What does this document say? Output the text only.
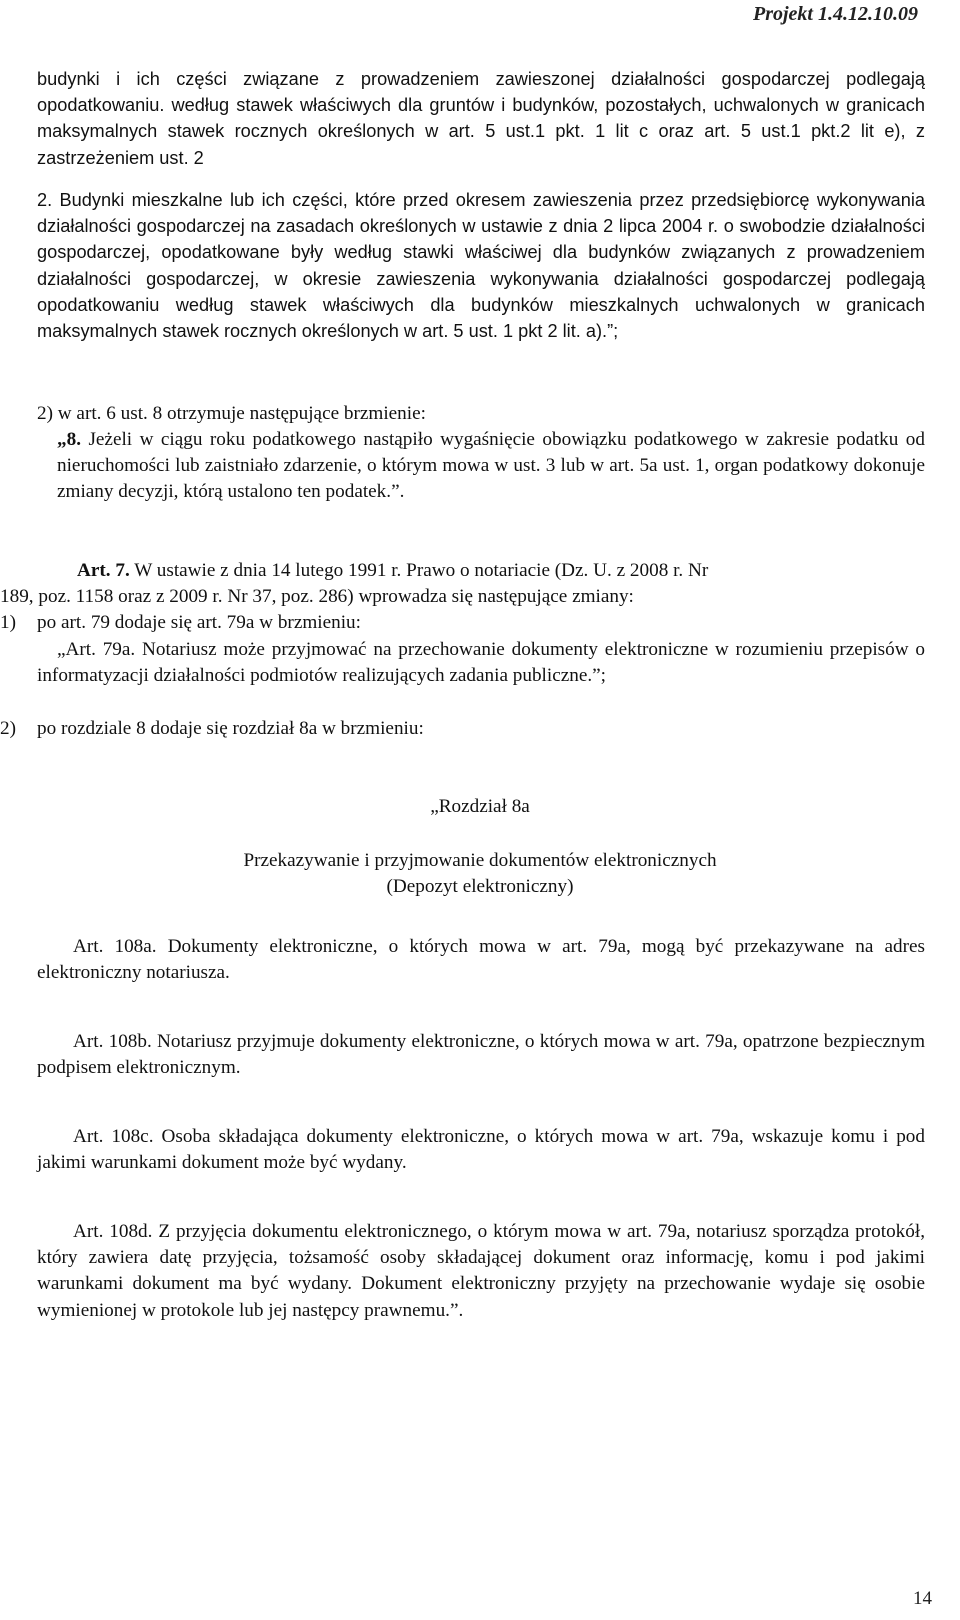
Projekt 1.4.12.10.09

budynki i ich części związane z prowadzeniem zawieszonej działalności gospodarczej podlegają opodatkowaniu. według stawek właściwych dla gruntów i budynków, pozostałych, uchwalonych w granicach maksymalnych stawek rocznych określonych w art. 5 ust.1 pkt. 1 lit c oraz art. 5 ust.1 pkt.2 lit e), z zastrzeżeniem ust. 2

2. Budynki mieszkalne lub ich części, które przed okresem zawieszenia przez przedsiębiorcę wykonywania działalności gospodarczej na zasadach określonych w ustawie z dnia 2 lipca 2004 r. o swobodzie działalności gospodarczej, opodatkowane były według stawki właściwej dla budynków związanych z prowadzeniem działalności gospodarczej, w okresie zawieszenia wykonywania działalności gospodarczej podlegają opodatkowaniu według stawek właściwych dla budynków mieszkalnych uchwalonych w granicach maksymalnych stawek rocznych określonych w art. 5 ust. 1 pkt 2 lit. a).”;

2) w art. 6 ust. 8 otrzymuje następujące brzmienie:

„8. Jeżeli w ciągu roku podatkowego nastąpiło wygaśnięcie obowiązku podatkowego w zakresie podatku od nieruchomości lub zaistniało zdarzenie, o którym mowa w ust. 3 lub w art. 5a ust. 1, organ podatkowy dokonuje zmiany decyzji, którą ustalono ten podatek.”.

Art. 7. W ustawie z dnia 14 lutego 1991 r. Prawo o notariacie (Dz. U. z 2008 r. Nr

189, poz. 1158 oraz z 2009 r. Nr 37, poz. 286) wprowadza się następujące zmiany:

1) po art. 79 dodaje się art. 79a w brzmieniu:

„Art. 79a. Notariusz może przyjmować na przechowanie dokumenty elektroniczne w rozumieniu przepisów o informatyzacji działalności podmiotów realizujących zadania publiczne.”;

2) po rozdziale 8 dodaje się rozdział 8a w brzmieniu:

„Rozdział 8a

Przekazywanie i przyjmowanie dokumentów elektronicznych

(Depozyt elektroniczny)

Art. 108a. Dokumenty elektroniczne, o których mowa w art. 79a, mogą być przekazywane na adres elektroniczny notariusza.

Art. 108b. Notariusz przyjmuje dokumenty elektroniczne, o których mowa w art. 79a, opatrzone bezpiecznym podpisem elektronicznym.

Art. 108c. Osoba składająca dokumenty elektroniczne, o których mowa w art. 79a, wskazuje komu i pod jakimi warunkami dokument może być wydany.

Art. 108d. Z przyjęcia dokumentu elektronicznego, o którym mowa w art. 79a, notariusz sporządza protokół, który zawiera datę przyjęcia, tożsamość osoby składającej dokument oraz informację, komu i pod jakimi warunkami dokument ma być wydany. Dokument elektroniczny przyjęty na przechowanie wydaje się osobie wymienionej w protokole lub jej następcy prawnemu.”.

14
